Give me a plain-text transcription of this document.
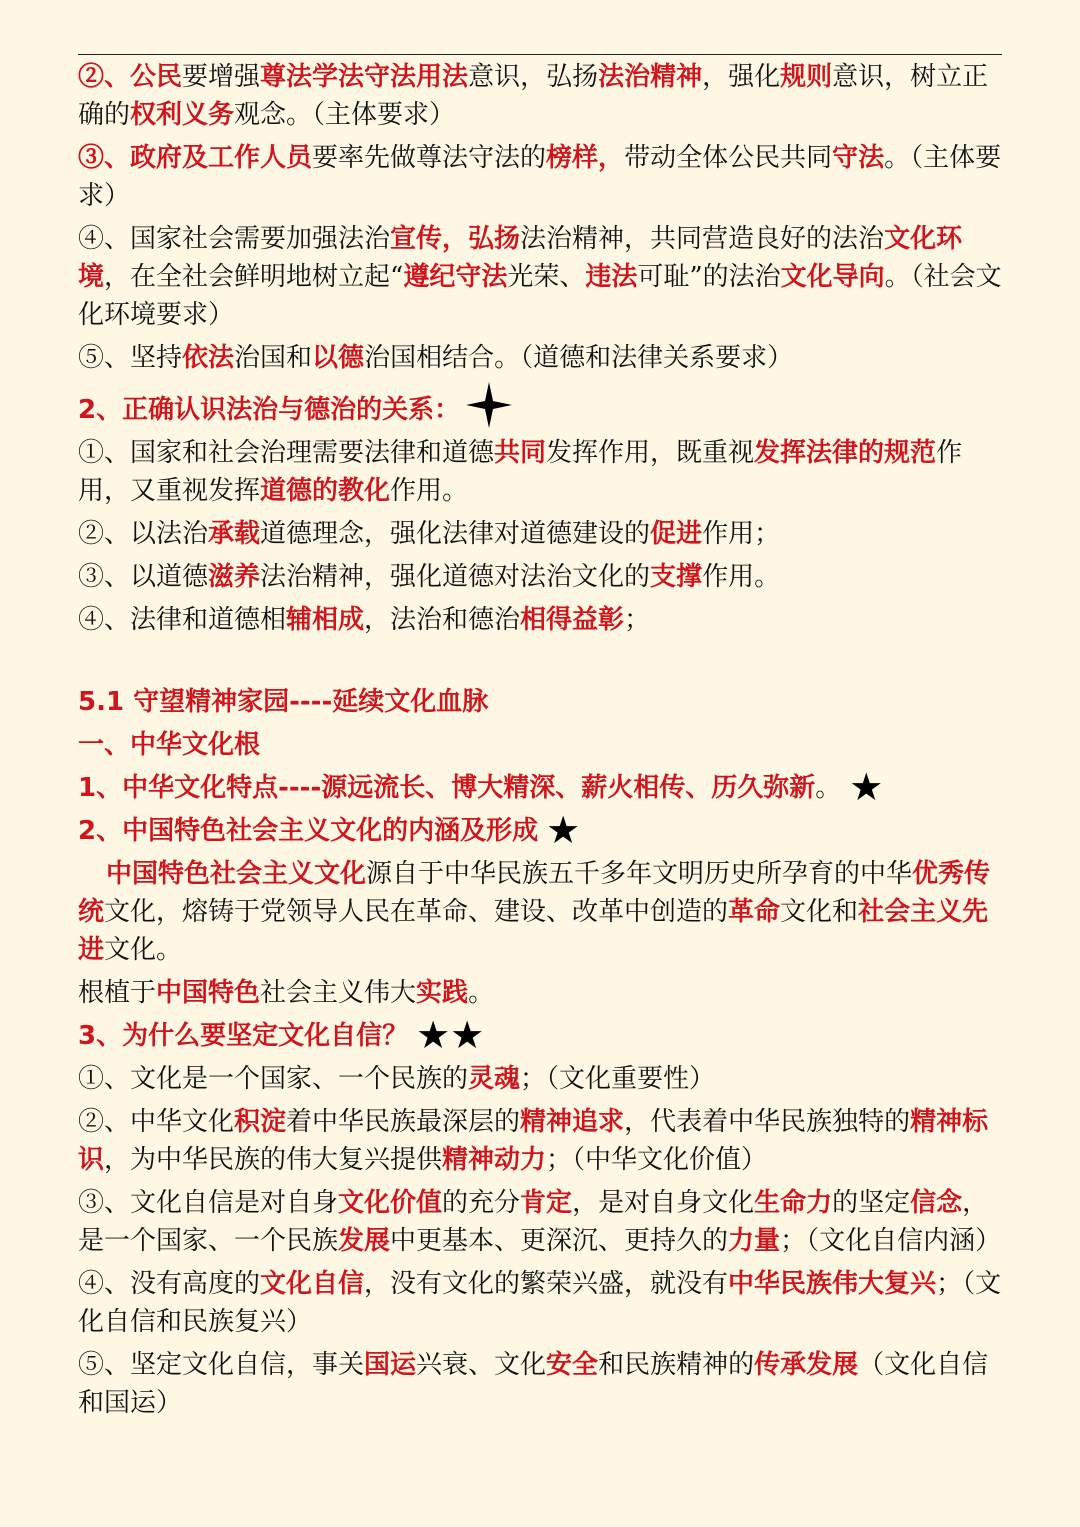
②、公民要增强尊法学法守法用法意识，弘扬法治精神，强化规则意识，树立正确的权利义务观念。（主体要求）

③、政府及工作人员要率先做尊法守法的榜样，带动全体公民共同守法。（主体要求）

④、国家社会需要加强法治宣传，弘扬法治精神，共同营造良好的法治文化环境，在全社会鲜明地树立起“遵纪守法光荣、违法可耻”的法治文化导向。（社会文化环境要求）

⑤、坚持依法治国和以德治国相结合。（道德和法律关系要求）

2、正确认识法治与德治的关系：

①、国家和社会治理需要法律和道德共同发挥作用，既重视发挥法律的规范作用，又重视发挥道德的教化作用。

②、以法治承载道德理念，强化法律对道德建设的促进作用；

③、以道德滋养法治精神，强化道德对法治文化的支撑作用。

④、法律和道德相辅相成，法治和德治相得益彰；

5.1 守望精神家园----延续文化血脉

一、中华文化根

1、中华文化特点----源远流长、博大精深、薪火相传、历久弥新。 ★

2、中国特色社会主义文化的内涵及形成 ★

中国特色社会主义文化源自于中华民族五千多年文明历史所孕育的中华优秀传统文化，熔铸于党领导人民在革命、建设、改革中创造的革命文化和社会主义先进文化。

根植于中国特色社会主义伟大实践。

3、为什么要坚定文化自信？ ★★

①、文化是一个国家、一个民族的灵魂；（文化重要性）

②、中华文化积淀着中华民族最深层的精神追求，代表着中华民族独特的精神标识，为中华民族的伟大复兴提供精神动力；（中华文化价值）

③、文化自信是对自身文化价值的充分肯定，是对自身文化生命力的坚定信念，是一个国家、一个民族发展中更基本、更深沉、更持久的力量；（文化自信内涵）

④、没有高度的文化自信，没有文化的繁荣兴盛，就没有中华民族伟大复兴；（文化自信和民族复兴）

⑤、坚定文化自信，事关国运兴衰、文化安全和民族精神的传承发展（文化自信和国运）
